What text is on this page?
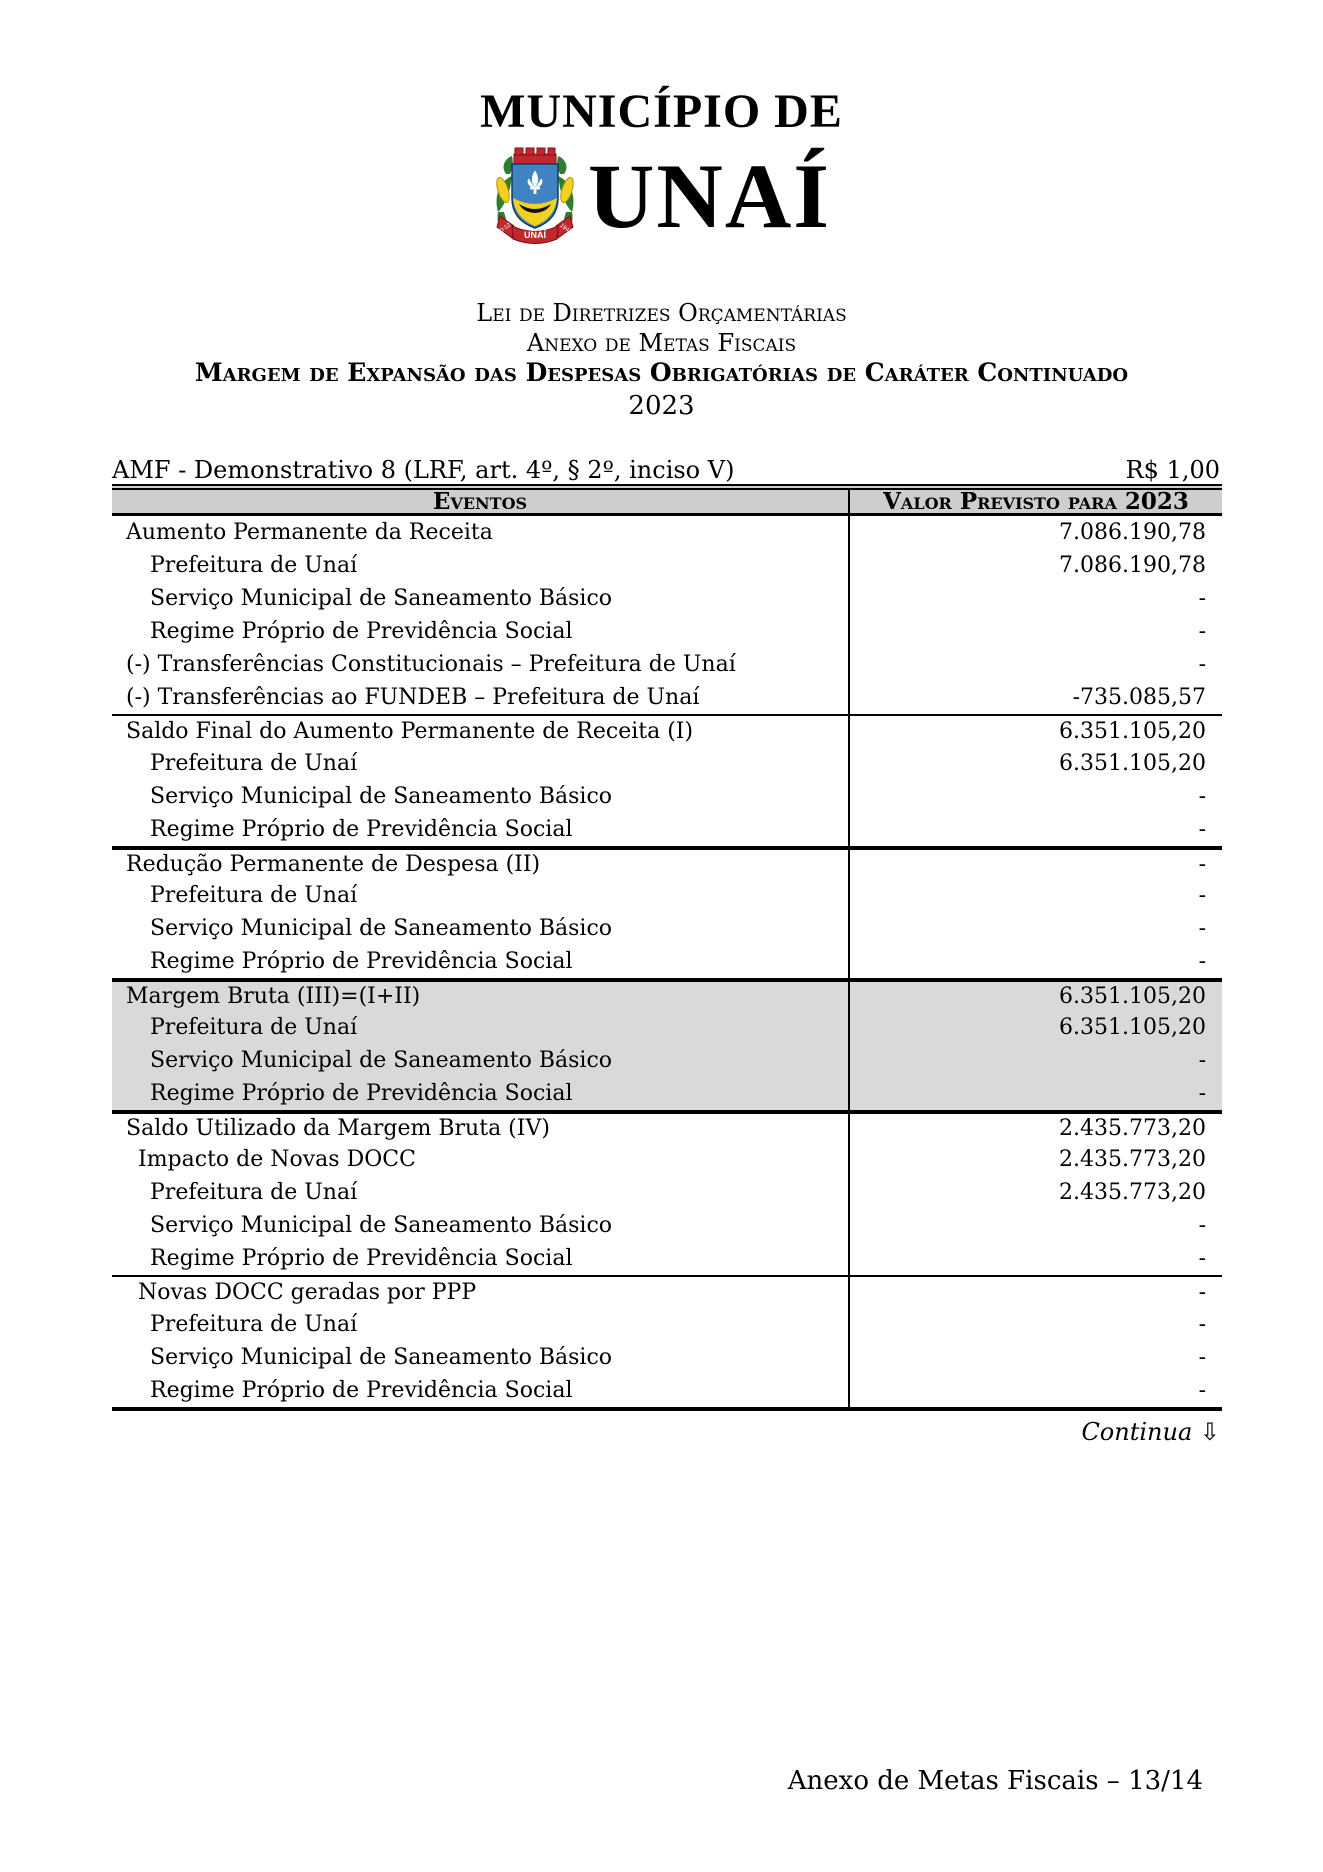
MUNICÍPIO DE
UNAÍ
30-12	1943 UNAÍ
Lei de Diretrizes Orçamentárias
Anexo de Metas Fiscais
Margem de Expansão das Despesas Obrigatórias de Caráter Continuado
2023
AMF - Demonstrativo 8 (LRF, art. 4º, § 2º, inciso V)	R$ 1,00
Eventos	Valor Previsto para 2023
Aumento Permanente da Receita	7.086.190,78
Prefeitura de Unaí	7.086.190,78
Serviço Municipal de Saneamento Básico	-
Regime Próprio de Previdência Social	-
(-) Transferências Constitucionais – Prefeitura de Unaí	-
(-) Transferências ao FUNDEB – Prefeitura de Unaí	-735.085,57
Saldo Final do Aumento Permanente de Receita (I)	6.351.105,20
Prefeitura de Unaí	6.351.105,20
Serviço Municipal de Saneamento Básico	-
Regime Próprio de Previdência Social	-
Redução Permanente de Despesa (II)	-
Prefeitura de Unaí	-
Serviço Municipal de Saneamento Básico	-
Regime Próprio de Previdência Social	-
Margem Bruta (III)=(I+II)	6.351.105,20
Prefeitura de Unaí	6.351.105,20
Serviço Municipal de Saneamento Básico	-
Regime Próprio de Previdência Social	-
Saldo Utilizado da Margem Bruta (IV)	2.435.773,20
Impacto de Novas DOCC	2.435.773,20
Prefeitura de Unaí	2.435.773,20
Serviço Municipal de Saneamento Básico	-
Regime Próprio de Previdência Social	-
Novas DOCC geradas por PPP	-
Prefeitura de Unaí	-
Serviço Municipal de Saneamento Básico	-
Regime Próprio de Previdência Social	-
Continua ⇩
Anexo de Metas Fiscais – 13/14
